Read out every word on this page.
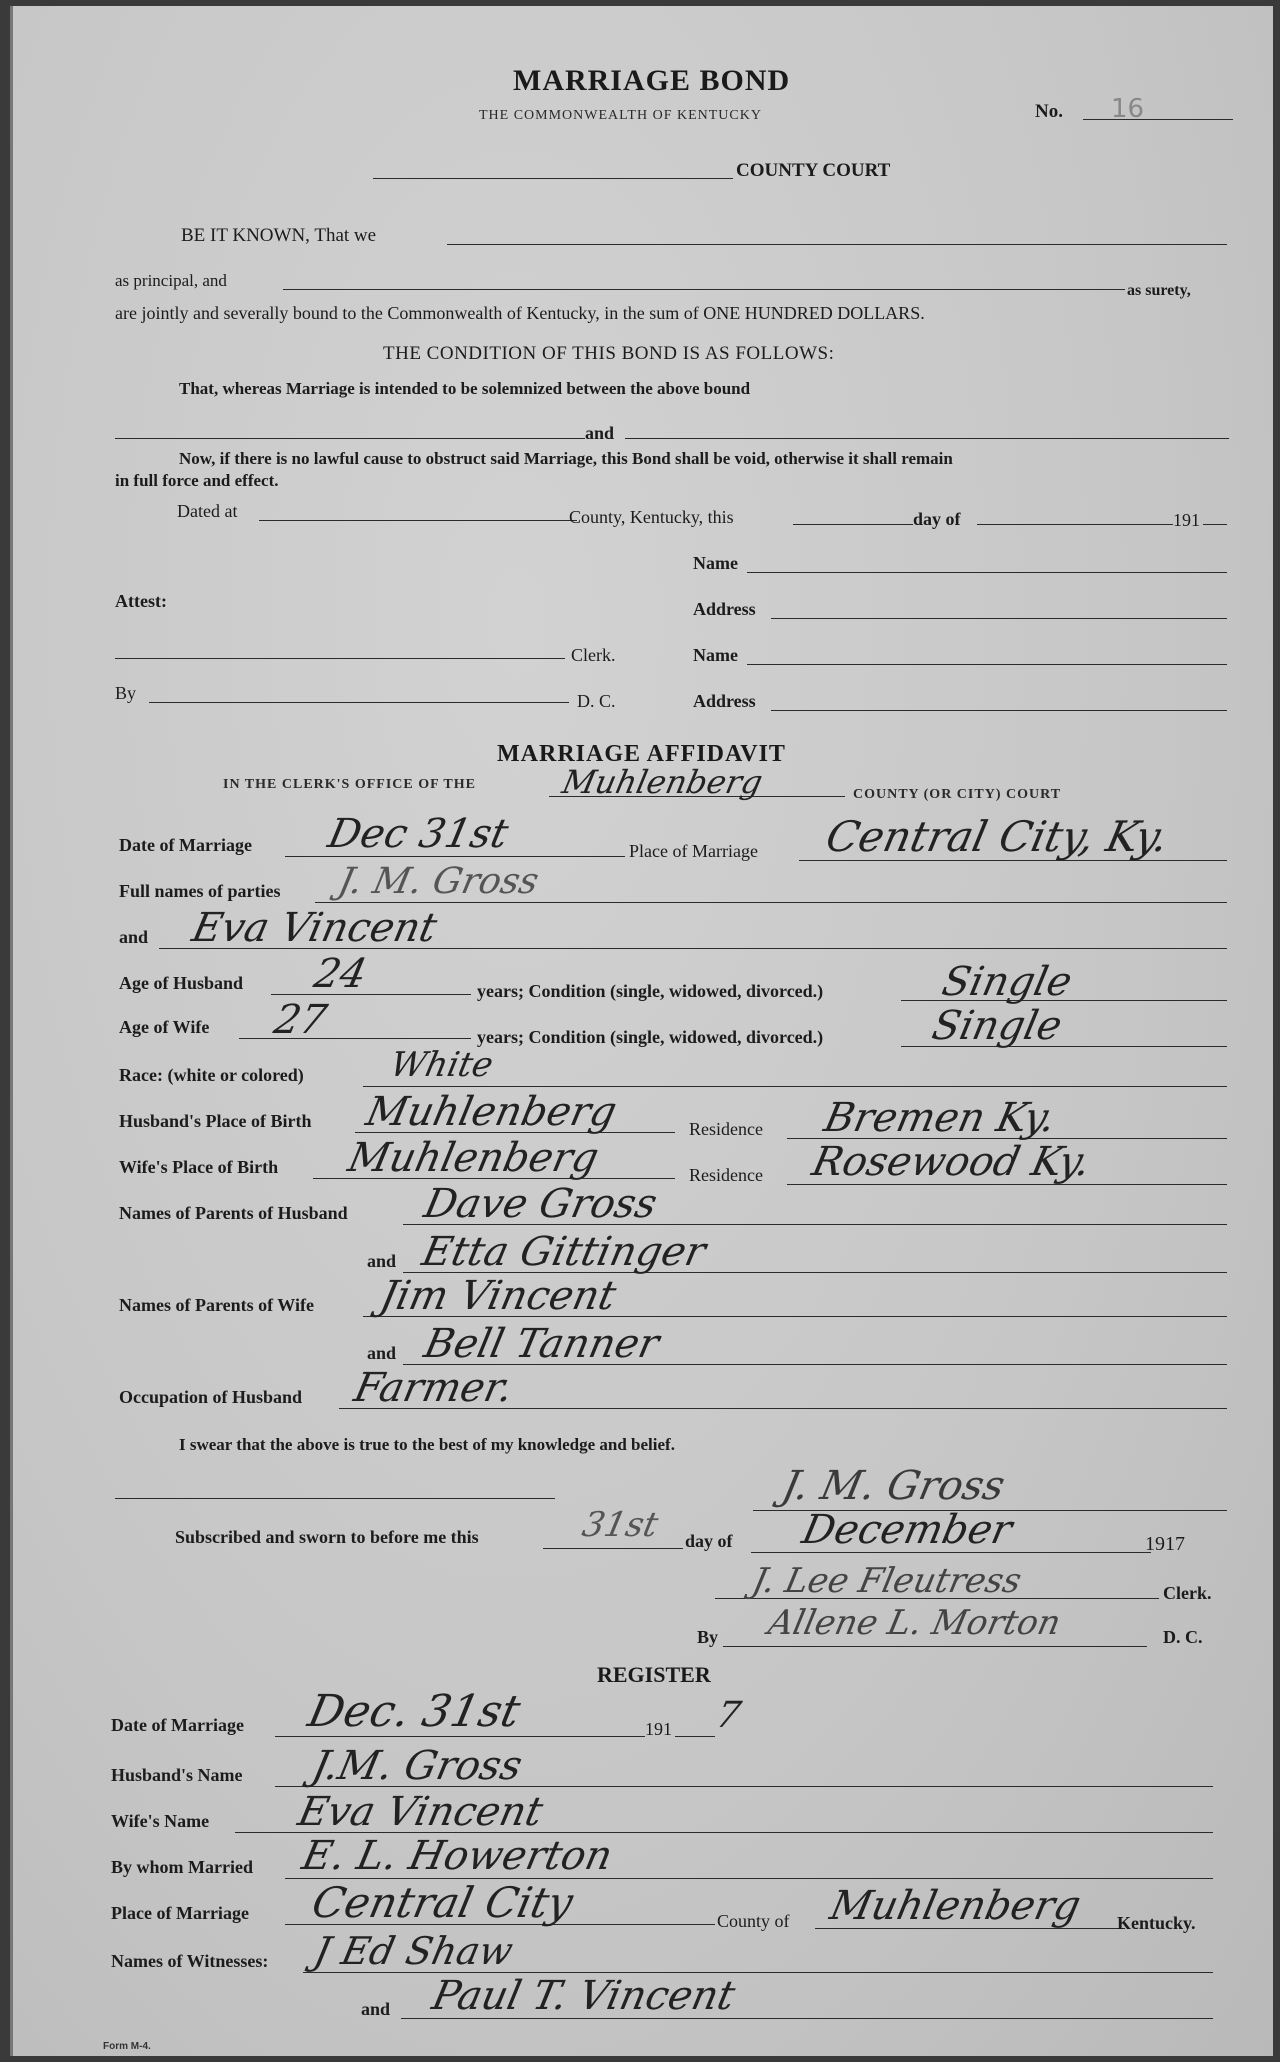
MARRIAGE BOND
THE COMMONWEALTH OF KENTUCKY	No. 16
COUNTY COURT
BE IT KNOWN, That we
as principal, and
as surety,
are jointly and severally bound to the Commonwealth of Kentucky, in the sum of ONE HUNDRED DOLLARS.
THE CONDITION OF THIS BOND IS AS FOLLOWS:
That, whereas Marriage is intended to be solemnized between the above bound
and
Now, if there is no lawful cause to obstruct said Marriage, this Bond shall be void, otherwise it shall remain
in full force and effect.
Dated at	County, Kentucky, this	day of	191
Name
Attest:	Address
Clerk.	Name
By	D. C.	Address
MARRIAGE AFFIDAVIT
IN THE CLERK'S OFFICE OF THE	Muhlenberg	COUNTY (OR CITY) COURT
Date of Marriage Dec 31st	Place of Marriage Central City, Ky.
Full names of parties J. M. Gross
and Eva Vincent
Age of Husband 24	years; Condition (single, widowed, divorced.)	Single
Age of Wife 27	years; Condition (single, widowed, divorced.)	Single
Race: (white or colored) White
Husband's Place of Birth Muhlenberg	Residence Bremen Ky.
Wife's Place of Birth Muhlenberg	Residence Rosewood Ky.
Names of Parents of Husband Dave Gross
and Etta Gittinger
Names of Parents of Wife Jim Vincent
and Bell Tanner
Occupation of Husband Farmer.
I swear that the above is true to the best of my knowledge and belief.
J. M. Gross
Subscribed and sworn to before me this	31st day of December	1917
J. Lee Fleutress	Clerk.
By Allene L. Morton	D. C.
REGISTER
Date of Marriage Dec. 31st	191 7
Husband's Name J.M. Gross
Wife's Name Eva Vincent
By whom Married E. L. Howerton
Place of Marriage Central City	County of Muhlenberg Kentucky.
Names of Witnesses: J Ed Shaw
and Paul T. Vincent
Form M-4.
